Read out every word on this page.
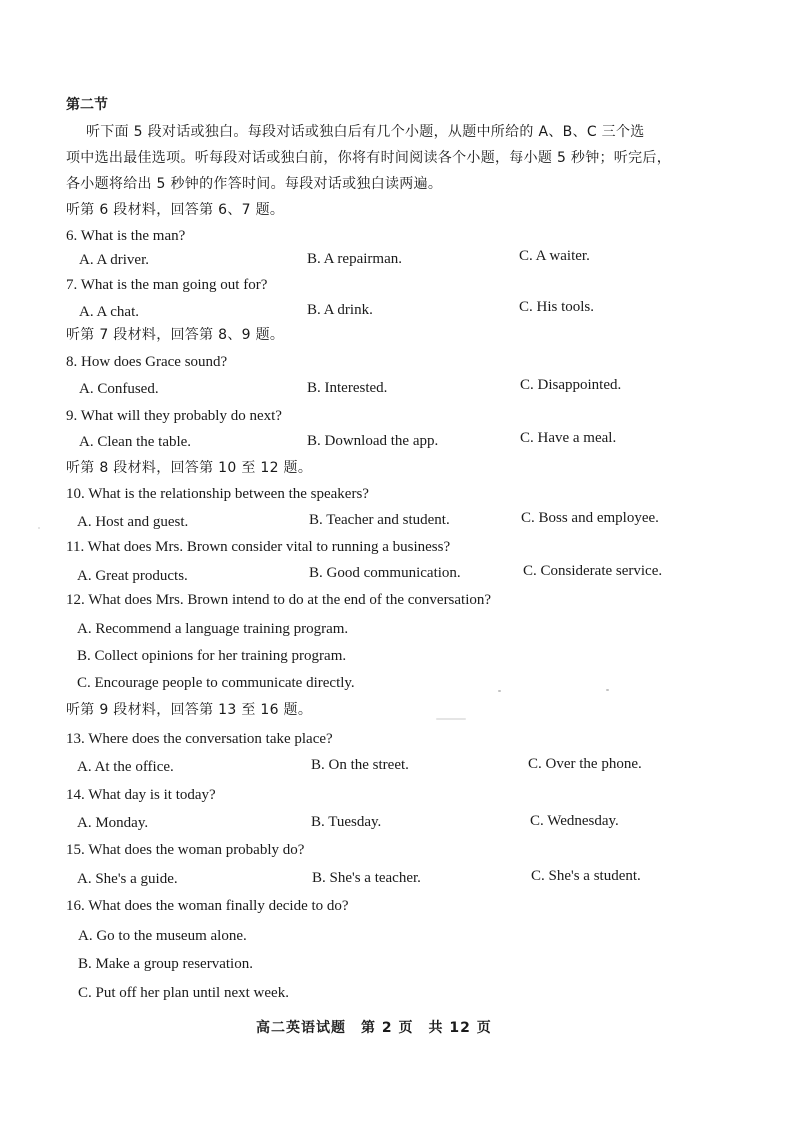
第二节
听下面 5 段对话或独白。每段对话或独白后有几个小题，从题中所给的 A、B、C 三个选
项中选出最佳选项。听每段对话或独白前，你将有时间阅读各个小题，每小题 5 秒钟；听完后，
各小题将给出 5 秒钟的作答时间。每段对话或独白读两遍。
听第 6 段材料，回答第 6、7 题。
6. What is the man?
A. A driver.	B. A repairman.	C. A waiter.
7. What is the man going out for?
A. A chat.	B. A drink.	C. His tools.
听第 7 段材料，回答第 8、9 题。
8. How does Grace sound?
A. Confused.	B. Interested.	C. Disappointed.
9. What will they probably do next?
A. Clean the table.	B. Download the app.	C. Have a meal.
听第 8 段材料，回答第 10 至 12 题。
10. What is the relationship between the speakers?
A. Host and guest.	B. Teacher and student.	C. Boss and employee.
11. What does Mrs. Brown consider vital to running a business?
A. Great products.	B. Good communication.	C. Considerate service.
12. What does Mrs. Brown intend to do at the end of the conversation?
A. Recommend a language training program.
B. Collect opinions for her training program.
C. Encourage people to communicate directly.
听第 9 段材料，回答第 13 至 16 题。
13. Where does the conversation take place?
A. At the office.	B. On the street.	C. Over the phone.
14. What day is it today?
A. Monday.	B. Tuesday.	C. Wednesday.
15. What does the woman probably do?
A. She's a guide.	B. She's a teacher.	C. She's a student.
16. What does the woman finally decide to do?
A. Go to the museum alone.
B. Make a group reservation.
C. Put off her plan until next week.
高二英语试题　第 2 页　共 12 页
